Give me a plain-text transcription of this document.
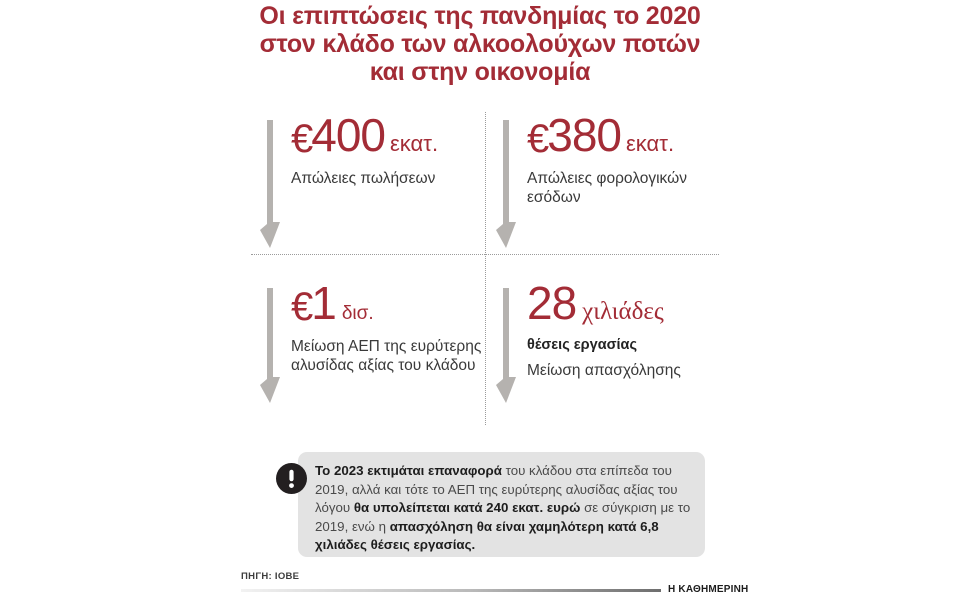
Οι επιπτώσεις της πανδημίας το 2020
στον κλάδο των αλκοολούχων ποτών
και στην οικονομία
€400 εκατ.
Απώλειες πωλήσεων
€380 εκατ.
Απώλειες φορολογικών εσόδων
€1 δισ.
Μείωση ΑΕΠ της ευρύτερης αλυσίδας αξίας του κλάδου
28 χιλιάδες
θέσεις εργασίας
Μείωση απασχόλησης
Το 2023 εκτιμάται επαναφορά του κλάδου στα επίπεδα του 2019, αλλά και τότε το ΑΕΠ της ευρύτερης αλυσίδας αξίας του λόγου θα υπολείπεται κατά 240 εκατ. ευρώ σε σύγκριση με το 2019, ενώ η απασχόληση θα είναι χαμηλότερη κατά 6,8 χιλιάδες θέσεις εργασίας.
ΠΗΓΗ: ΙΟΒΕ
Η ΚΑΘΗΜΕΡΙΝΗ
